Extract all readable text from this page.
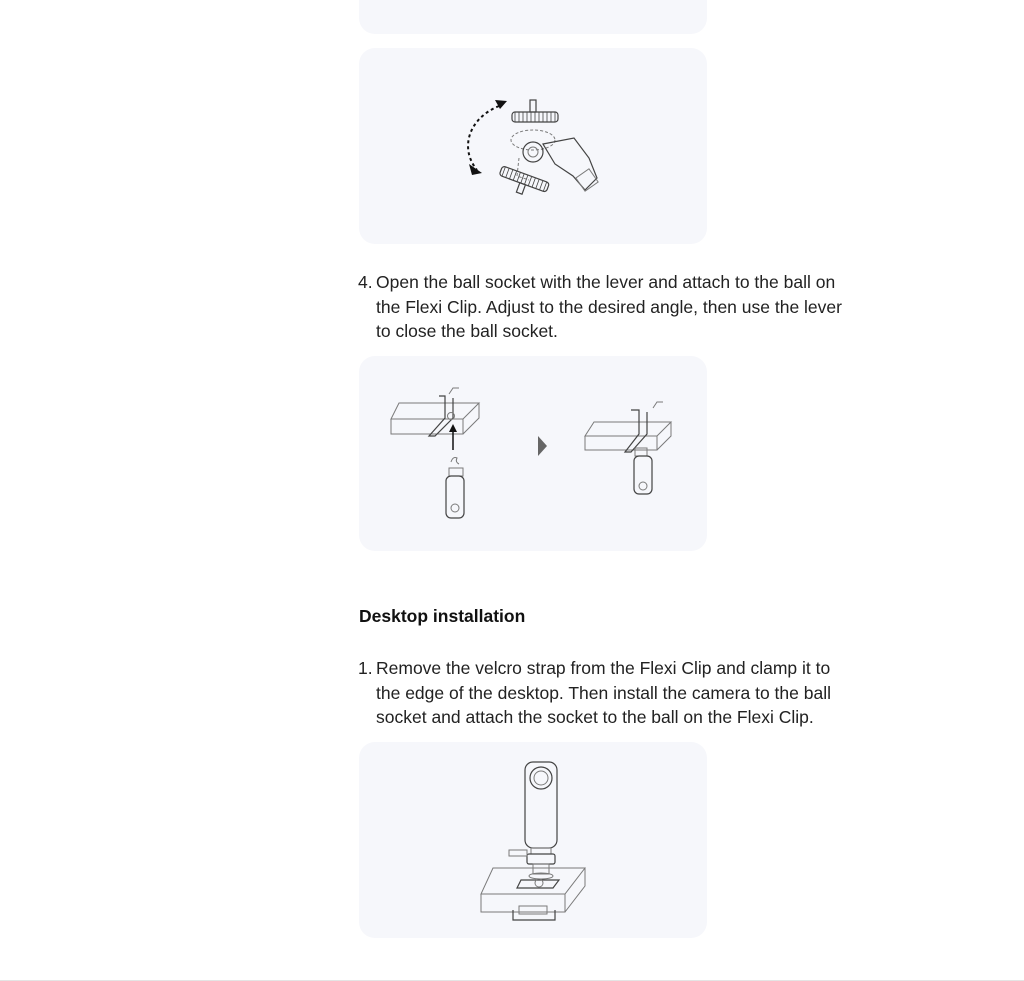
4. Open the ball socket with the lever and attach to the ball on the Flexi Clip. Adjust to the desired angle, then use the lever to close the ball socket.
Desktop installation
1. Remove the velcro strap from the Flexi Clip and clamp it to the edge of the desktop. Then install the camera to the ball socket and attach the socket to the ball on the Flexi Clip.
